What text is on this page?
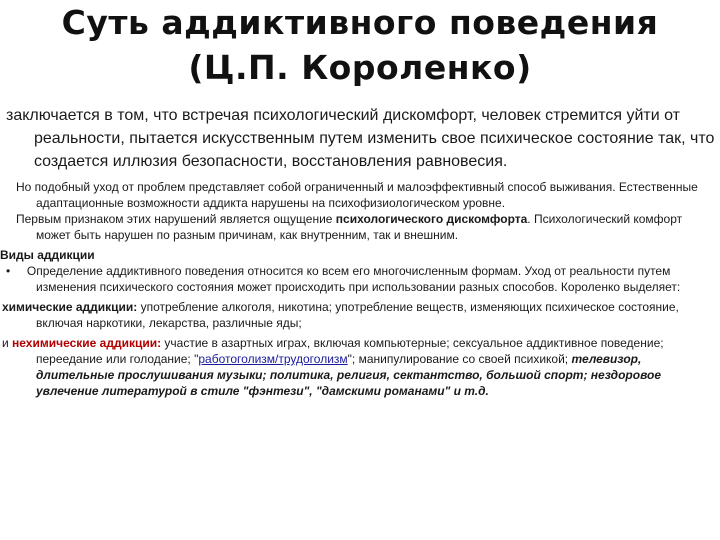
Суть аддиктивного поведения
(Ц.П. Короленко)

заключается в том, что встречая психологический дискомфорт, человек стремится уйти от реальности, пытается искусственным путем изменить свое психическое состояние так, что создается иллюзия безопасности, восстановления равновесия.

Но подобный уход от проблем представляет собой ограниченный и малоэффективный способ выживания. Естественные адаптационные возможности аддикта нарушены на психофизиологическом уровне.

Первым признаком этих нарушений является ощущение психологического дискомфорта. Психологический комфорт может быть нарушен по разным причинам, как внутренним, так и внешним.

Виды аддикции

• Определение аддиктивного поведения относится ко всем его многочисленным формам. Уход от реальности путем изменения психического состояния может происходить при использовании разных способов. Короленко выделяет:

химические аддикции: употребление алкоголя, никотина; употребление веществ, изменяющих психическое состояние, включая наркотики, лекарства, различные яды;

и нехимические аддикции: участие в азартных играх, включая компьютерные; сексуальное аддиктивное поведение; переедание или голодание; "работоголизм/трудоголизм"; манипулирование со своей психикой; телевизор, длительные прослушивания музыки; политика, религия, сектантство, большой спорт; нездоровое увлечение литературой в стиле "фэнтези", "дамскими романами" и т.д.
